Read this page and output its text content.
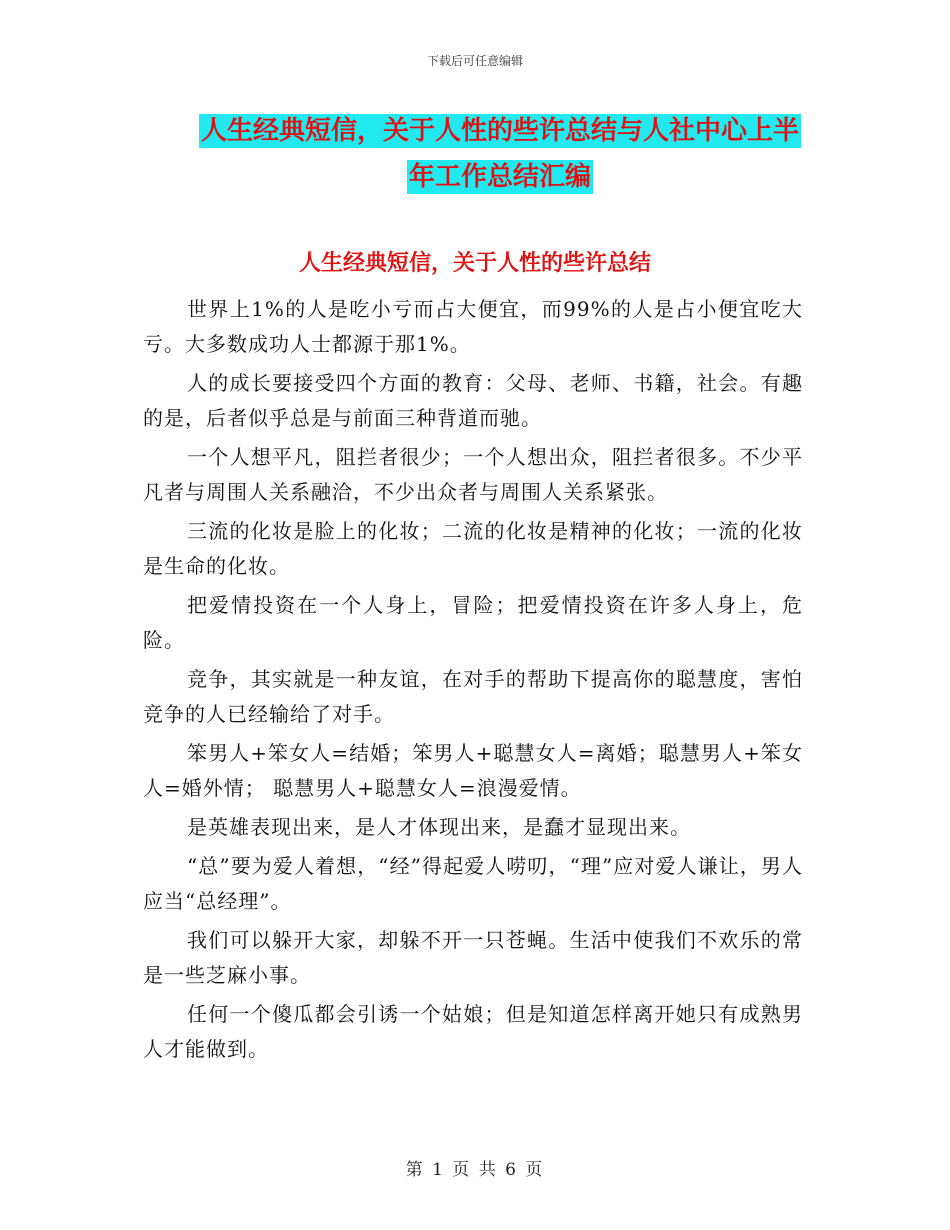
下载后可任意编辑
人生经典短信，关于人性的些许总结与人社中心上半
年工作总结汇编
人生经典短信，关于人性的些许总结

世界上1%的人是吃小亏而占大便宜，而99%的人是占小便宜吃大亏。大多数成功人士都源于那1%。

人的成长要接受四个方面的教育：父母、老师、书籍，社会。有趣的是，后者似乎总是与前面三种背道而驰。

一个人想平凡，阻拦者很少；一个人想出众，阻拦者很多。不少平凡者与周围人关系融洽，不少出众者与周围人关系紧张。

三流的化妆是脸上的化妆；二流的化妆是精神的化妆；一流的化妆是生命的化妆。

把爱情投资在一个人身上，冒险；把爱情投资在许多人身上，危险。

竞争，其实就是一种友谊，在对手的帮助下提高你的聪慧度，害怕竞争的人已经输给了对手。

笨男人+笨女人=结婚；笨男人+聪慧女人=离婚；聪慧男人+笨女人=婚外情； 聪慧男人+聪慧女人=浪漫爱情。

是英雄表现出来，是人才体现出来，是蠢才显现出来。

“总”要为爱人着想，“经”得起爱人唠叨，“理”应对爱人谦让，男人应当“总经理”。

我们可以躲开大家，却躲不开一只苍蝇。生活中使我们不欢乐的常是一些芝麻小事。

任何一个傻瓜都会引诱一个姑娘；但是知道怎样离开她只有成熟男人才能做到。

第 1 页 共 6 页
